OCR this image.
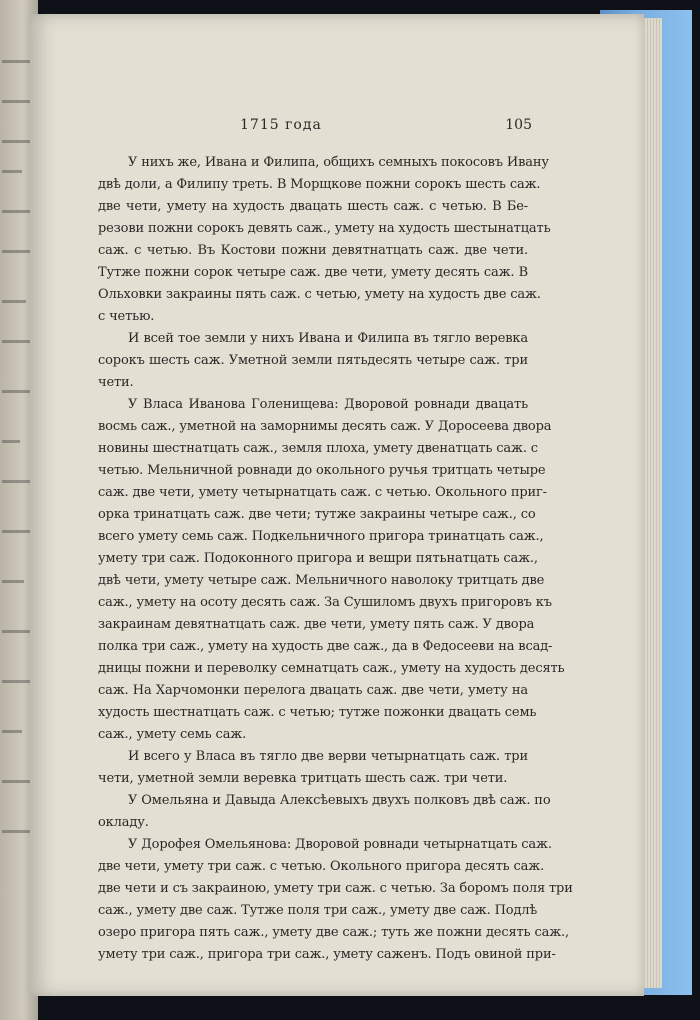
1715 года	105
У нихъ же, Ивана и Филипа, общихъ семныхъ покосовъ Ивану
двѣ доли, а Филипу треть. В Морщкове пожни сорокъ шесть саж.
две чети, умету на худость двацать шесть саж. с четью. В Бе-
резови пожни сорокъ девять саж., умету на худость шестынатцать
саж. с четью. Въ Костови пожни девятнатцать саж. две чети.
Тутже пожни сорок четыре саж. две чети, умету десять саж. В
Ольховки закраины пять саж. с четью, умету на худость две саж.
с четью.
И всей тое земли у нихъ Ивана и Филипа въ тягло веревка
сорокъ шесть саж. Уметной земли пятьдесять четыре саж. три
чети.
У Власа Иванова Голенищева: Дворовой ровнади двацать
восмь саж., уметной на заморнимы десять саж. У Доросеева двора
новины шестнатцать саж., земля плоха, умету двенатцать саж. с
четью. Мельничной ровнади до окольного ручья тритцать четыре
саж. две чети, умету четырнатцать саж. с четью. Окольного приг-
орка тринатцать саж. две чети; тутже закраины четыре саж., со
всего умету семь саж. Подкельничного пригора тринатцать саж.,
умету три саж. Подоконного пригора и вешри пятьнатцать саж.,
двѣ чети, умету четыре саж. Мельничного наволоку тритцать две
саж., умету на осоту десять саж. За Сушиломъ двухъ пригоровъ къ
закраинам девятнатцать саж. две чети, умету пять саж. У двора
полка три саж., умету на худость две саж., да в Федосееви на всад-
дницы пожни и переволку семнатцать саж., умету на худость десять
саж. На Харчомонки перелога двацать саж. две чети, умету на
худость шестнатцать саж. с четью; тутже пожонки двацать семь
саж., умету семь саж.
И всего у Власа въ тягло две верви четырнатцать саж. три
чети, уметной земли веревка тритцать шесть саж. три чети.
У Омельяна и Давыда Алексѣевыхъ двухъ полковъ двѣ саж. по
окладу.
У Дорофея Омельянова: Дворовой ровнади четырнатцать саж.
две чети, умету три саж. с четью. Окольного пригора десять саж.
две чети и съ закраиною, умету три саж. с четью. За боромъ поля три
саж., умету две саж. Тутже поля три саж., умету две саж. Подлѣ
озеро пригора пять саж., умету две саж.; туть же пожни десять саж.,
умету три саж., пригора три саж., умету саженъ. Подъ овиной при-
